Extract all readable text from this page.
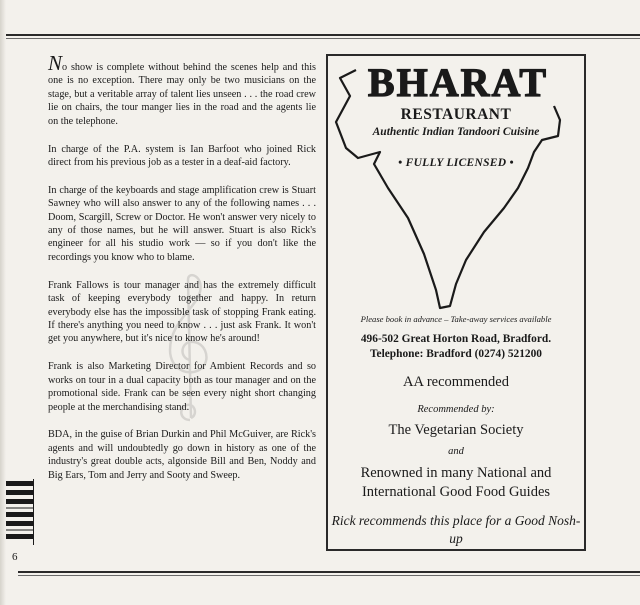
No show is complete without behind the scenes help and this one is no exception. There may only be two musicians on the stage, but a veritable array of talent lies unseen . . . the road crew lie on chairs, the tour manger lies in the road and the agents lie on the telephone.

In charge of the P.A. system is Ian Barfoot who joined Rick direct from his previous job as a tester in a deaf-aid factory.

In charge of the keyboards and stage amplification crew is Stuart Sawney who will also answer to any of the following names . . . Doom, Scargill, Screw or Doctor. He won't answer very nicely to any of those names, but he will answer. Stuart is also Rick's engineer for all his studio work — so if you don't like the recordings you know who to blame.

Frank Fallows is tour manager and has the extremely difficult task of keeping everybody together and happy. In return everybody else has the impossible task of stopping Frank eating. If there's anything you need to know . . . just ask Frank. It won't get you anywhere, but it's nice to know he's around!

Frank is also Marketing Director for Ambient Records and so works on tour in a dual capacity both as tour manager and on the promotional side. Frank can be seen every night short changing people at the merchandising stand.

BDA, in the guise of Brian Durkin and Phil McGuiver, are Rick's agents and will undoubtedly go down in history as one of the industry's great double acts, algonside Bill and Ben, Noddy and Big Ears, Tom and Jerry and Sooty and Sweep.

6
BHARAT
RESTAURANT
Authentic Indian Tandoori Cuisine
• FULLY LICENSED •
Please book in advance – Take-away services available
496-502 Great Horton Road, Bradford.
Telephone: Bradford (0274) 521200
AA recommended
Recommended by:
The Vegetarian Society
and
Renowned in many National and International Good Food Guides
Rick recommends this place for a Good Nosh-up
